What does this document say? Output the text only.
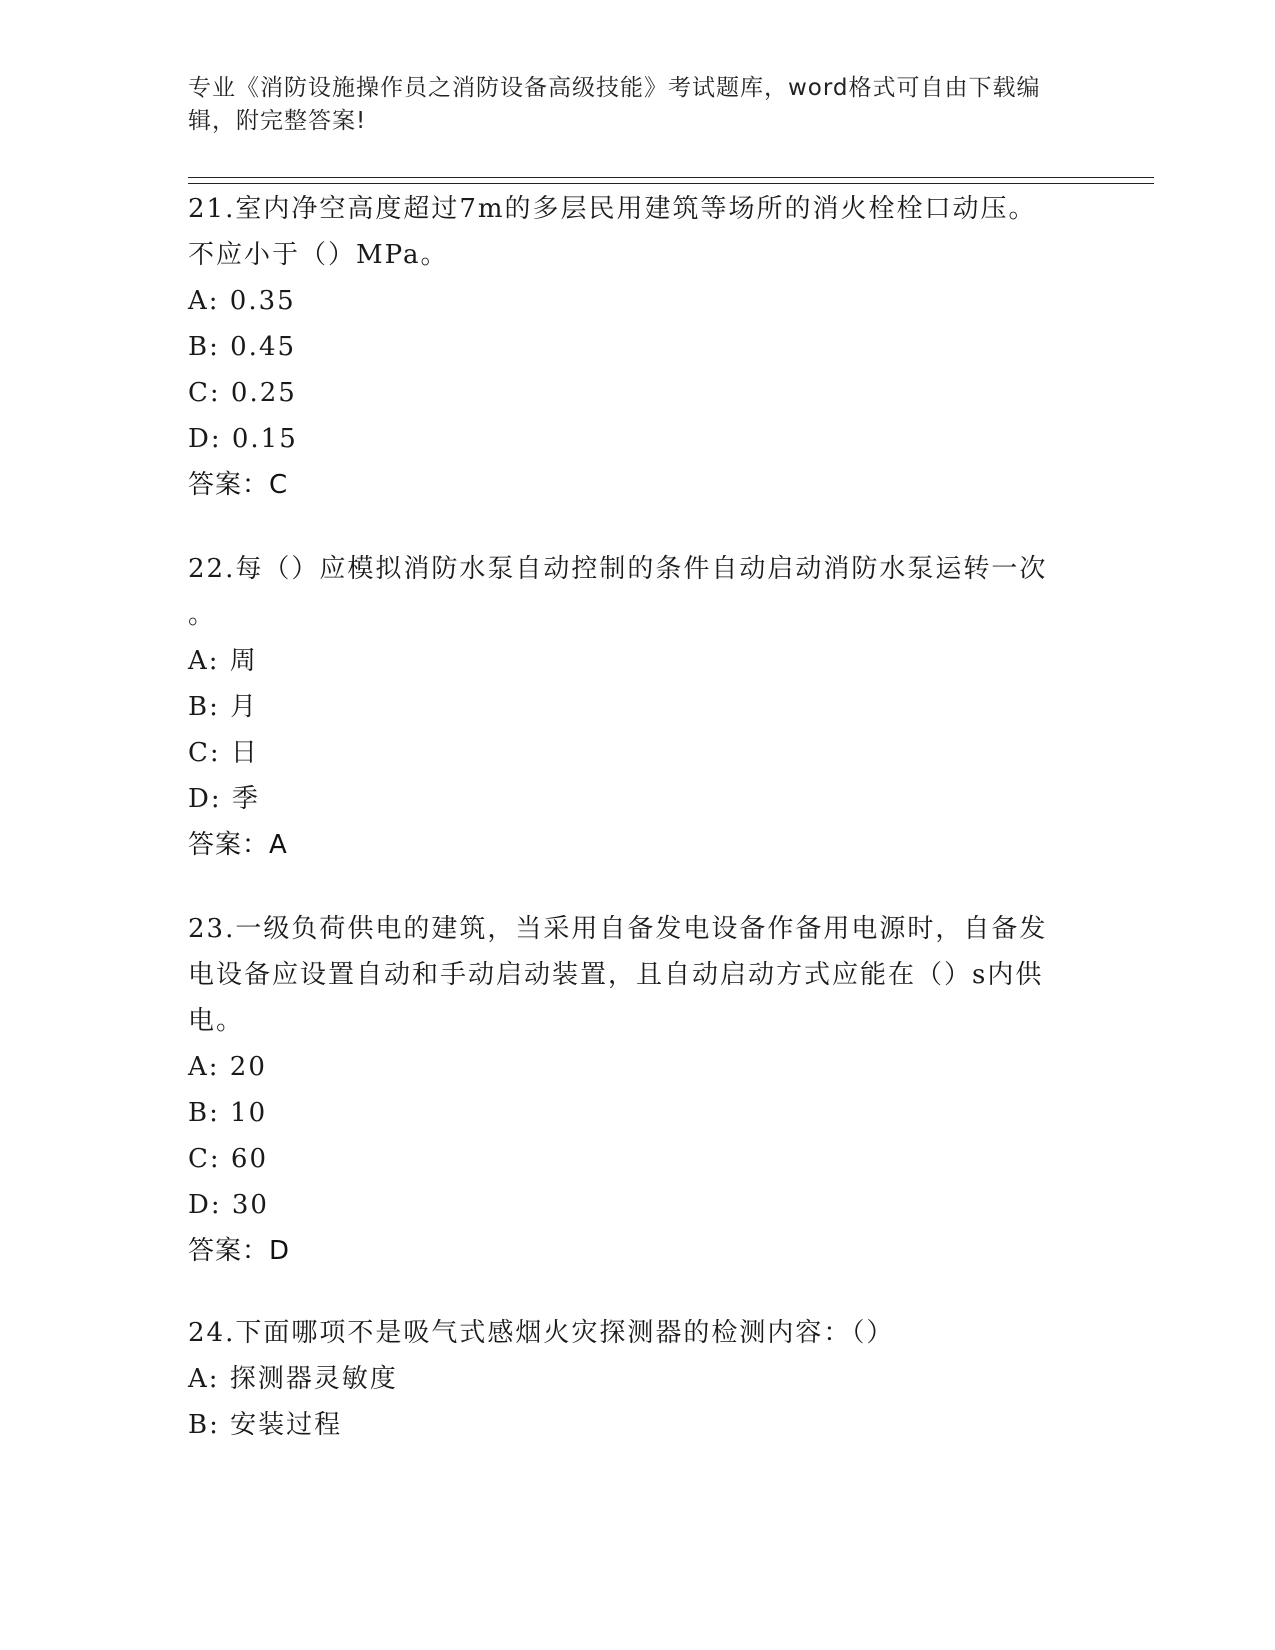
专业《消防设施操作员之消防设备高级技能》考试题库，word格式可自由下载编
辑，附完整答案!

21.室内净空高度超过7m的多层民用建筑等场所的消火栓栓口动压。

不应小于（）MPa。

A: 0.35

B: 0.45

C: 0.25

D: 0.15

答案：C

22.每（）应模拟消防水泵自动控制的条件自动启动消防水泵运转一次

。

A: 周

B: 月

C: 日

D: 季

答案：A

23.一级负荷供电的建筑，当采用自备发电设备作备用电源时，自备发

电设备应设置自动和手动启动装置，且自动启动方式应能在（）s内供

电。

A: 20

B: 10

C: 60

D: 30

答案：D

24.下面哪项不是吸气式感烟火灾探测器的检测内容：（）

A: 探测器灵敏度

B: 安装过程
